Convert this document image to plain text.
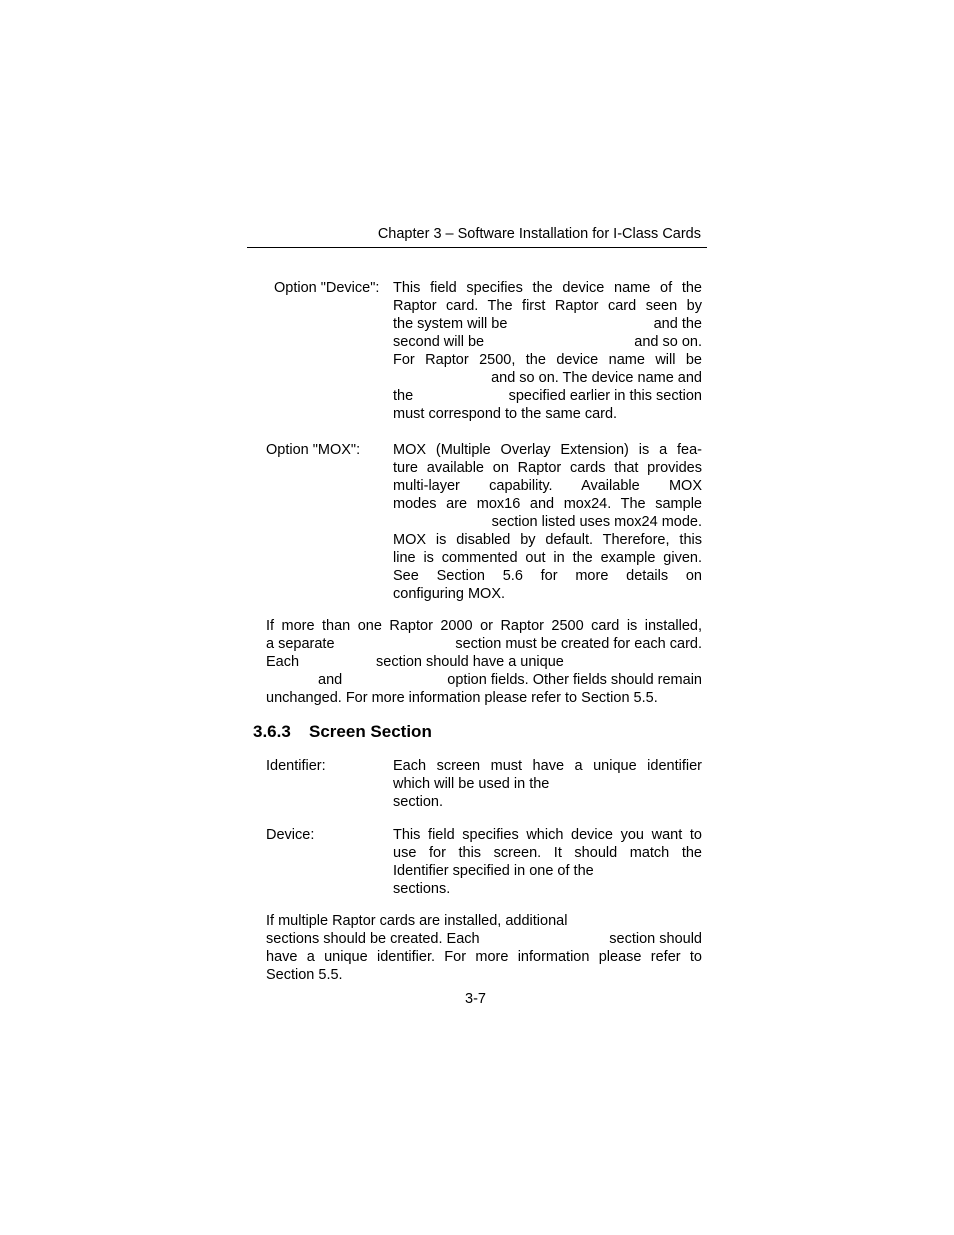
Chapter 3 – Software Installation for I-Class Cards
Option "Device": This field specifies the device name of the
Raptor card. The first Raptor card seen by
the system will be	and the
second will be	and so on.
For Raptor 2500, the device name will be
and so on. The device name and
the	specified earlier in this section
must correspond to the same card.
Option "MOX": MOX (Multiple Overlay Extension) is a fea-
ture available on Raptor cards that provides
multi-layer capability. Available MOX
modes are mox16 and mox24. The sample
section listed uses mox24 mode.
MOX is disabled by default. Therefore, this
line is commented out in the example given.
See Section 5.6 for more details on
configuring MOX.
If more than one Raptor 2000 or Raptor 2500 card is installed,
a separate	section must be created for each card.
Each	section should have a unique
and	option fields. Other fields should remain
unchanged. For more information please refer to Section 5.5.
3.6.3 Screen Section
Identifier:	Each screen must have a unique identifier
which will be used in the
section.
Device:	This field specifies which device you want to
use for this screen. It should match the
Identifier specified in one of the
sections.
If multiple Raptor cards are installed, additional
sections should be created. Each	section should
have a unique identifier. For more information please refer to
Section 5.5.
3-7
